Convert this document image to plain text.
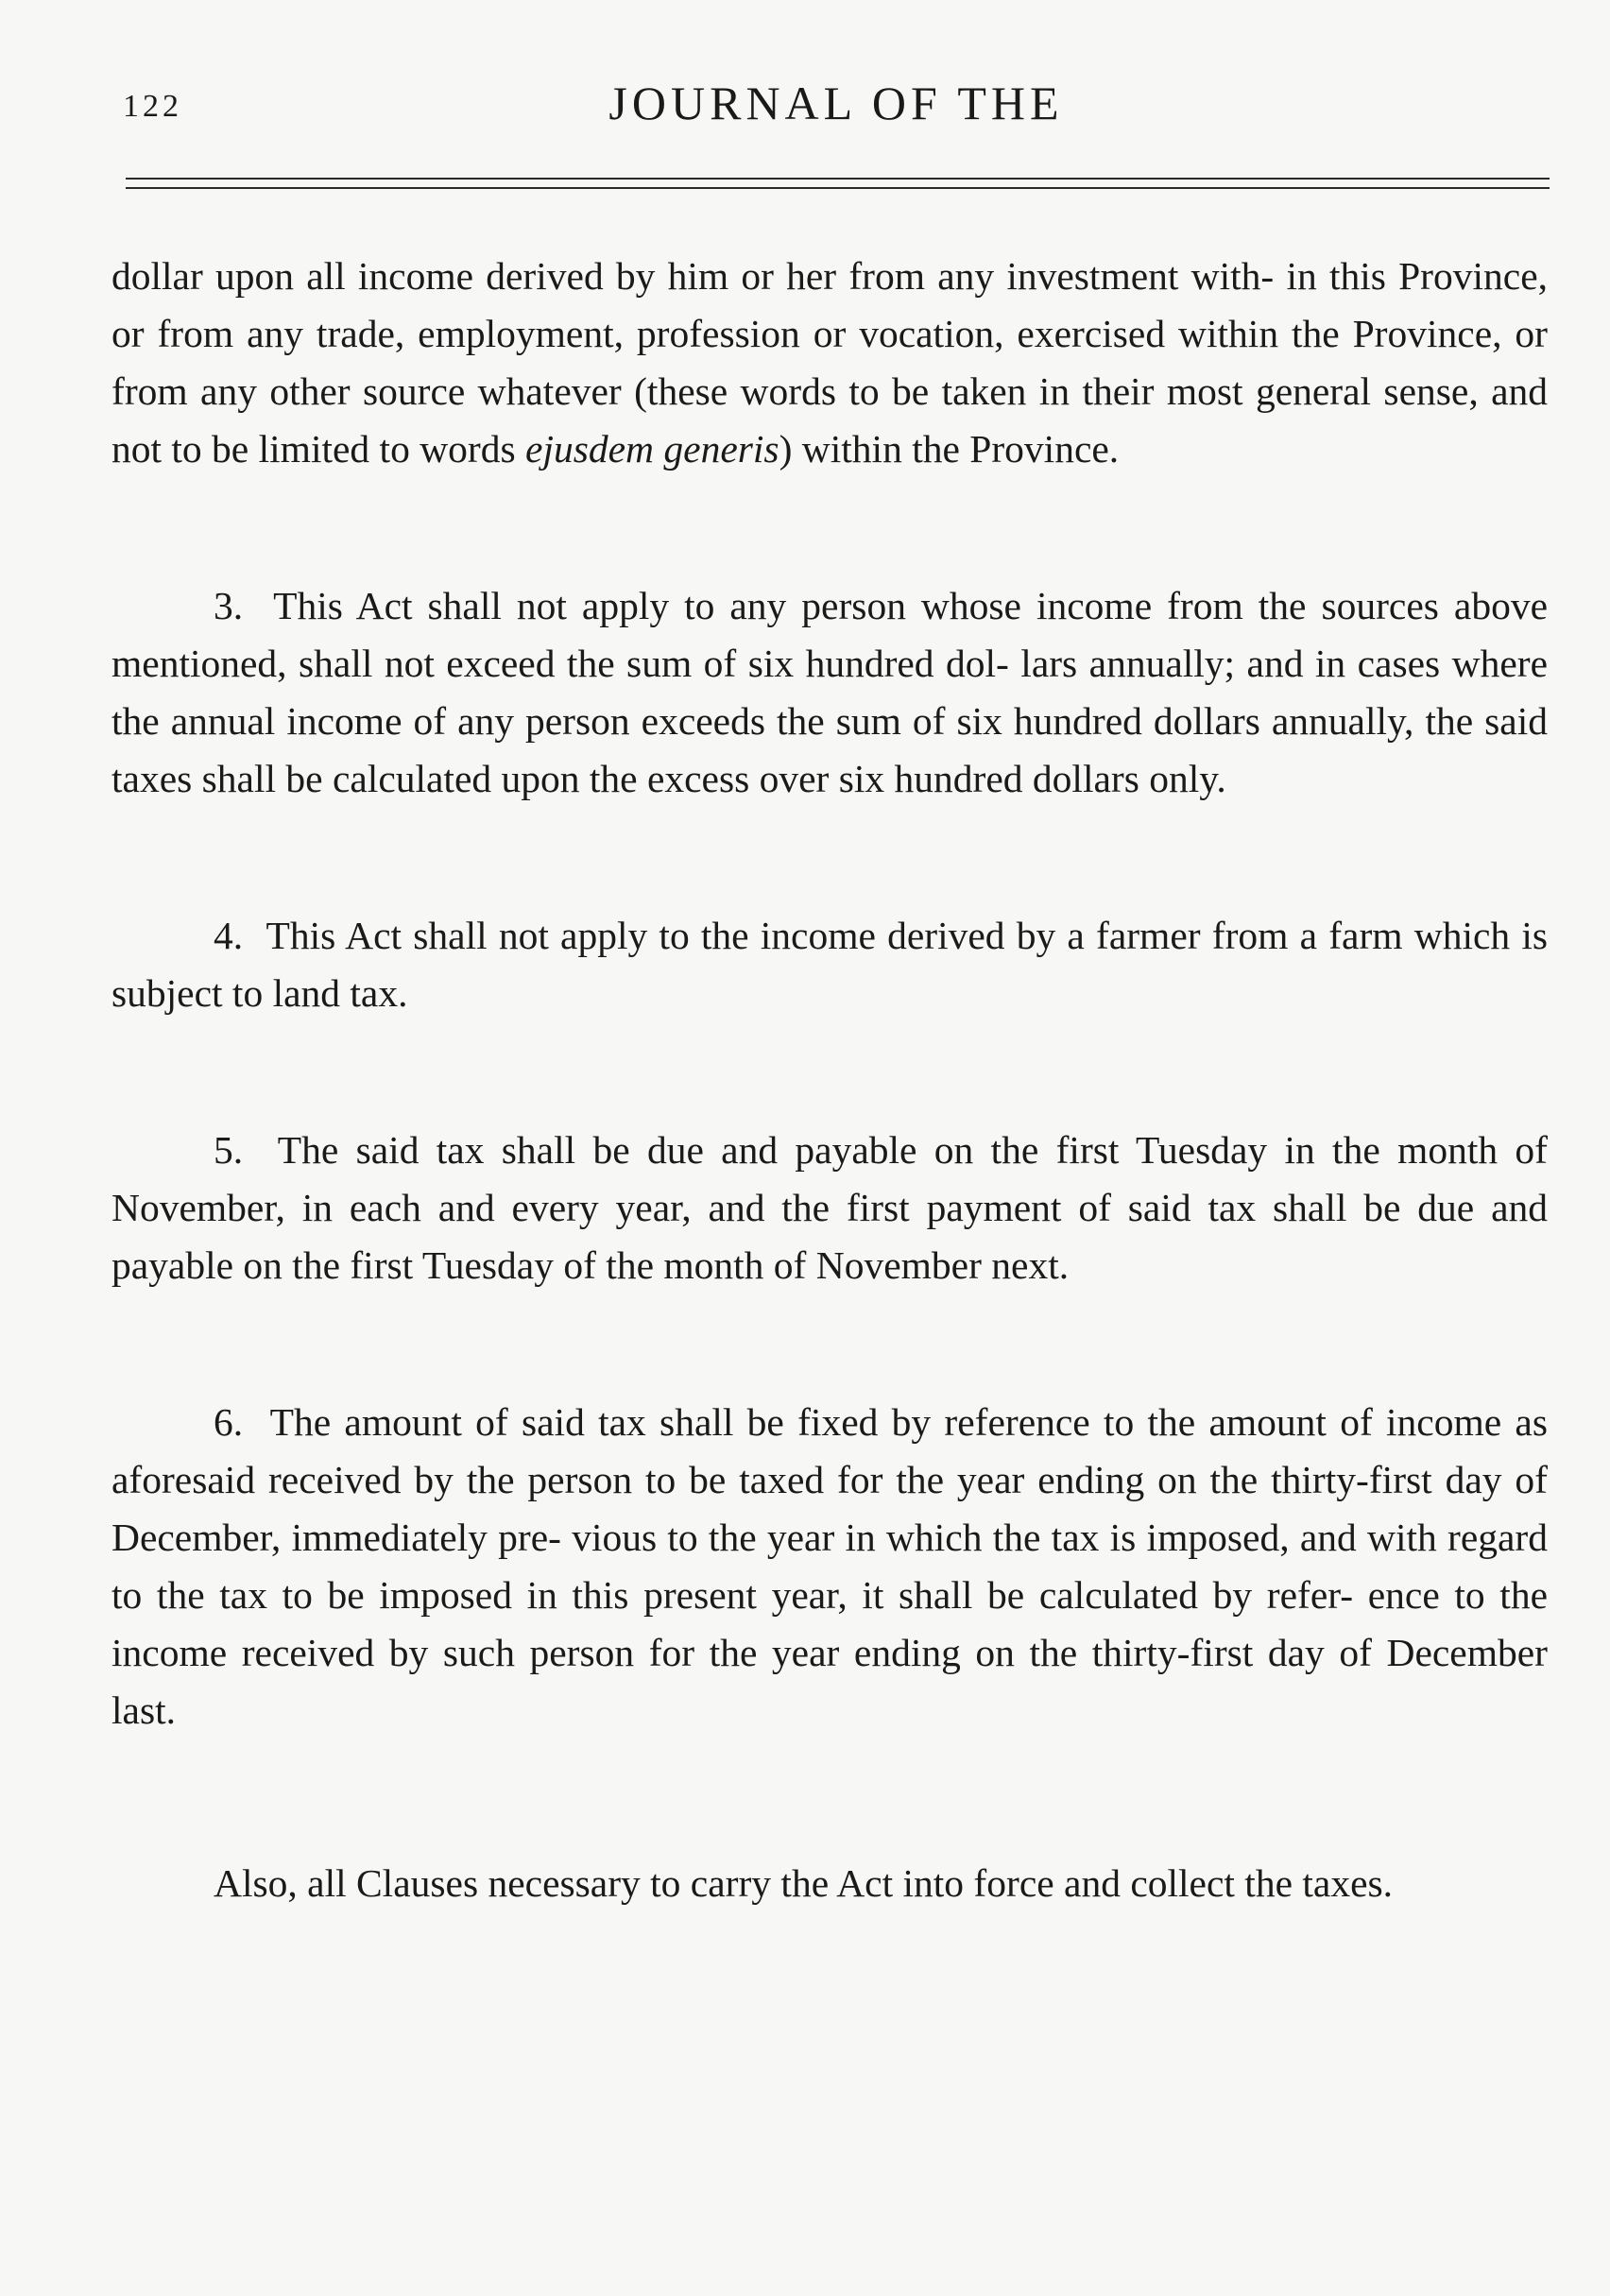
122	JOURNAL OF THE

dollar upon all income derived by him or her from any investment with- in this Province, or from any trade, employment, profession or vocation, exercised within the Province, or from any other source whatever (these words to be taken in their most general sense, and not to be limited to words ejusdem generis) within the Province.

3. This Act shall not apply to any person whose income from the sources above mentioned, shall not exceed the sum of six hundred dol- lars annually; and in cases where the annual income of any person exceeds the sum of six hundred dollars annually, the said taxes shall be calculated upon the excess over six hundred dollars only.

4. This Act shall not apply to the income derived by a farmer from a farm which is subject to land tax.

5. The said tax shall be due and payable on the first Tuesday in the month of November, in each and every year, and the first payment of said tax shall be due and payable on the first Tuesday of the month of November next.

6. The amount of said tax shall be fixed by reference to the amount of income as aforesaid received by the person to be taxed for the year ending on the thirty-first day of December, immediately pre- vious to the year in which the tax is imposed, and with regard to the tax to be imposed in this present year, it shall be calculated by refer- ence to the income received by such person for the year ending on the thirty-first day of December last.

Also, all Clauses necessary to carry the Act into force and collect the taxes.
